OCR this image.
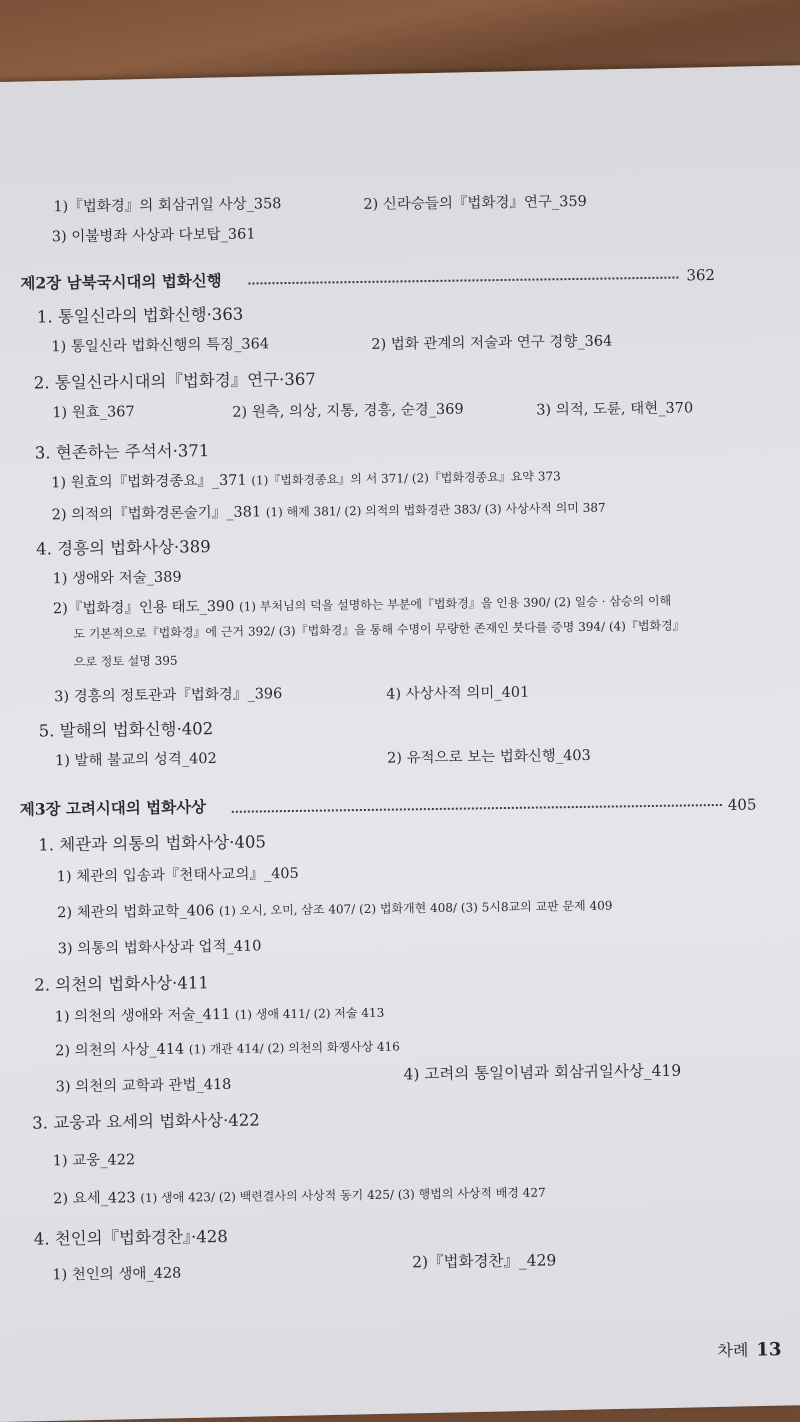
1)『법화경』의 회삼귀일 사상_358	2) 신라승들의『법화경』연구_359
3) 이불병좌 사상과 다보탑_361
제2장 남북국시대의 법화신행	362
1. 통일신라의 법화신행·363
1) 통일신라 법화신행의 특징_364	2) 법화 관계의 저술과 연구 경향_364
2. 통일신라시대의『법화경』연구·367
1) 원효_367	2) 원측, 의상, 지통, 경흥, 순경_369	3) 의적, 도륜, 태현_370
3. 현존하는 주석서·371
1) 원효의『법화경종요』_371 (1)『법화경종요』의 서 371/ (2)『법화경종요』요약 373
2) 의적의『법화경론술기』_381 (1) 해제 381/ (2) 의적의 법화경관 383/ (3) 사상사적 의미 387
4. 경흥의 법화사상·389
1) 생애와 저술_389
2)『법화경』인용 태도_390 (1) 부처님의 덕을 설명하는 부분에『법화경』을 인용 390/ (2) 일승 · 삼승의 이해
도 기본적으로『법화경』에 근거 392/ (3)『법화경』을 통해 수명이 무량한 존재인 붓다를 증명 394/ (4)『법화경』
으로 정토 설명 395
3) 경흥의 정토관과『법화경』_396	4) 사상사적 의미_401
5. 발해의 법화신행·402
1) 발해 불교의 성격_402	2) 유적으로 보는 법화신행_403
제3장 고려시대의 법화사상	405
1. 체관과 의통의 법화사상·405
1) 체관의 입송과『천태사교의』_405
2) 체관의 법화교학_406 (1) 오시, 오미, 삼조 407/ (2) 법화개현 408/ (3) 5시8교의 교판 문제 409
3) 의통의 법화사상과 업적_410
2. 의천의 법화사상·411
1) 의천의 생애와 저술_411 (1) 생애 411/ (2) 저술 413
2) 의천의 사상_414 (1) 개관 414/ (2) 의천의 화쟁사상 416
3) 의천의 교학과 관법_418
4) 고려의 통일이념과 회삼귀일사상_419
3. 교웅과 요세의 법화사상·422
1) 교웅_422
2) 요세_423 (1) 생애 423/ (2) 백련결사의 사상적 동기 425/ (3) 행법의 사상적 배경 427
4. 천인의『법화경찬』·428
1) 천인의 생애_428
2)『법화경찬』_429
차례 13
